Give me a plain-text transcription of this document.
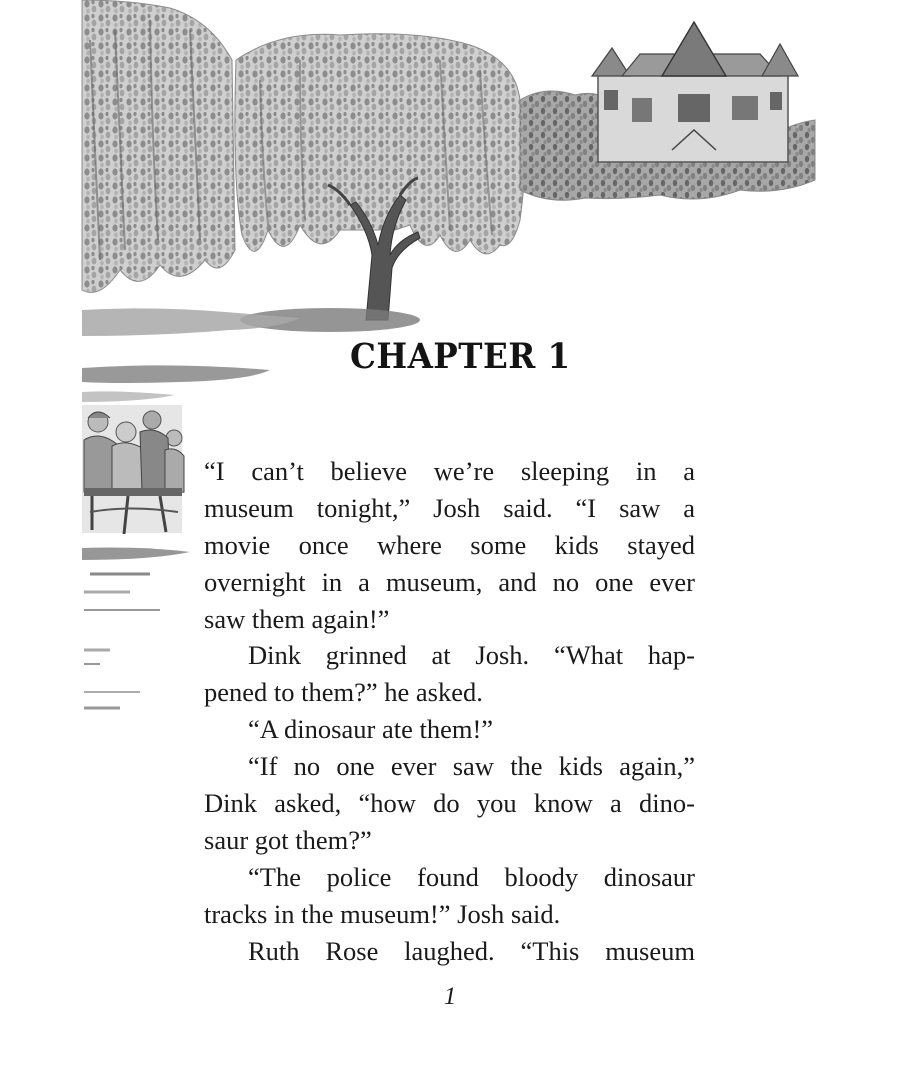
CHAPTER 1
“I can’t believe we’re sleeping in a
museum tonight,” Josh said. “I saw a
movie once where some kids stayed
overnight in a museum, and no one ever
saw them again!”
Dink grinned at Josh. “What hap-
pened to them?” he asked.
“A dinosaur ate them!”
“If no one ever saw the kids again,”
Dink asked, “how do you know a dino-
saur got them?”
“The police found bloody dinosaur
tracks in the museum!” Josh said.
Ruth Rose laughed. “This museum
1
